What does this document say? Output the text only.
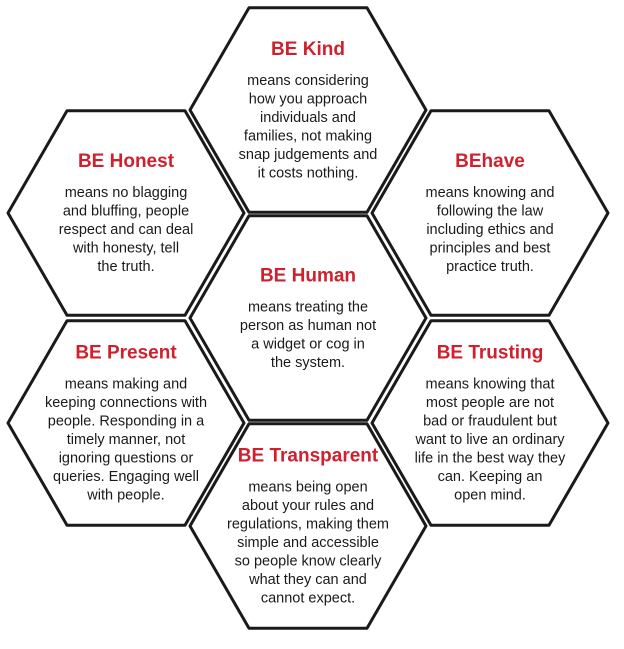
BE Kind
means considering
how you approach
individuals and
families, not making
snap judgements and
it costs nothing.
BE Honest
means no blagging
and bluffing, people
respect and can deal
with honesty, tell
the truth.
BEhave
means knowing and
following the law
including ethics and
principles and best
practice truth.
BE Human
means treating the
person as human not
a widget or cog in
the system.
BE Present
means making and
keeping connections with
people. Responding in a
timely manner, not
ignoring questions or
queries. Engaging well
with people.
BE Trusting
means knowing that
most people are not
bad or fraudulent but
want to live an ordinary
life in the best way they
can. Keeping an
open mind.
BE Transparent
means being open
about your rules and
regulations, making them
simple and accessible
so people know clearly
what they can and
cannot expect.
